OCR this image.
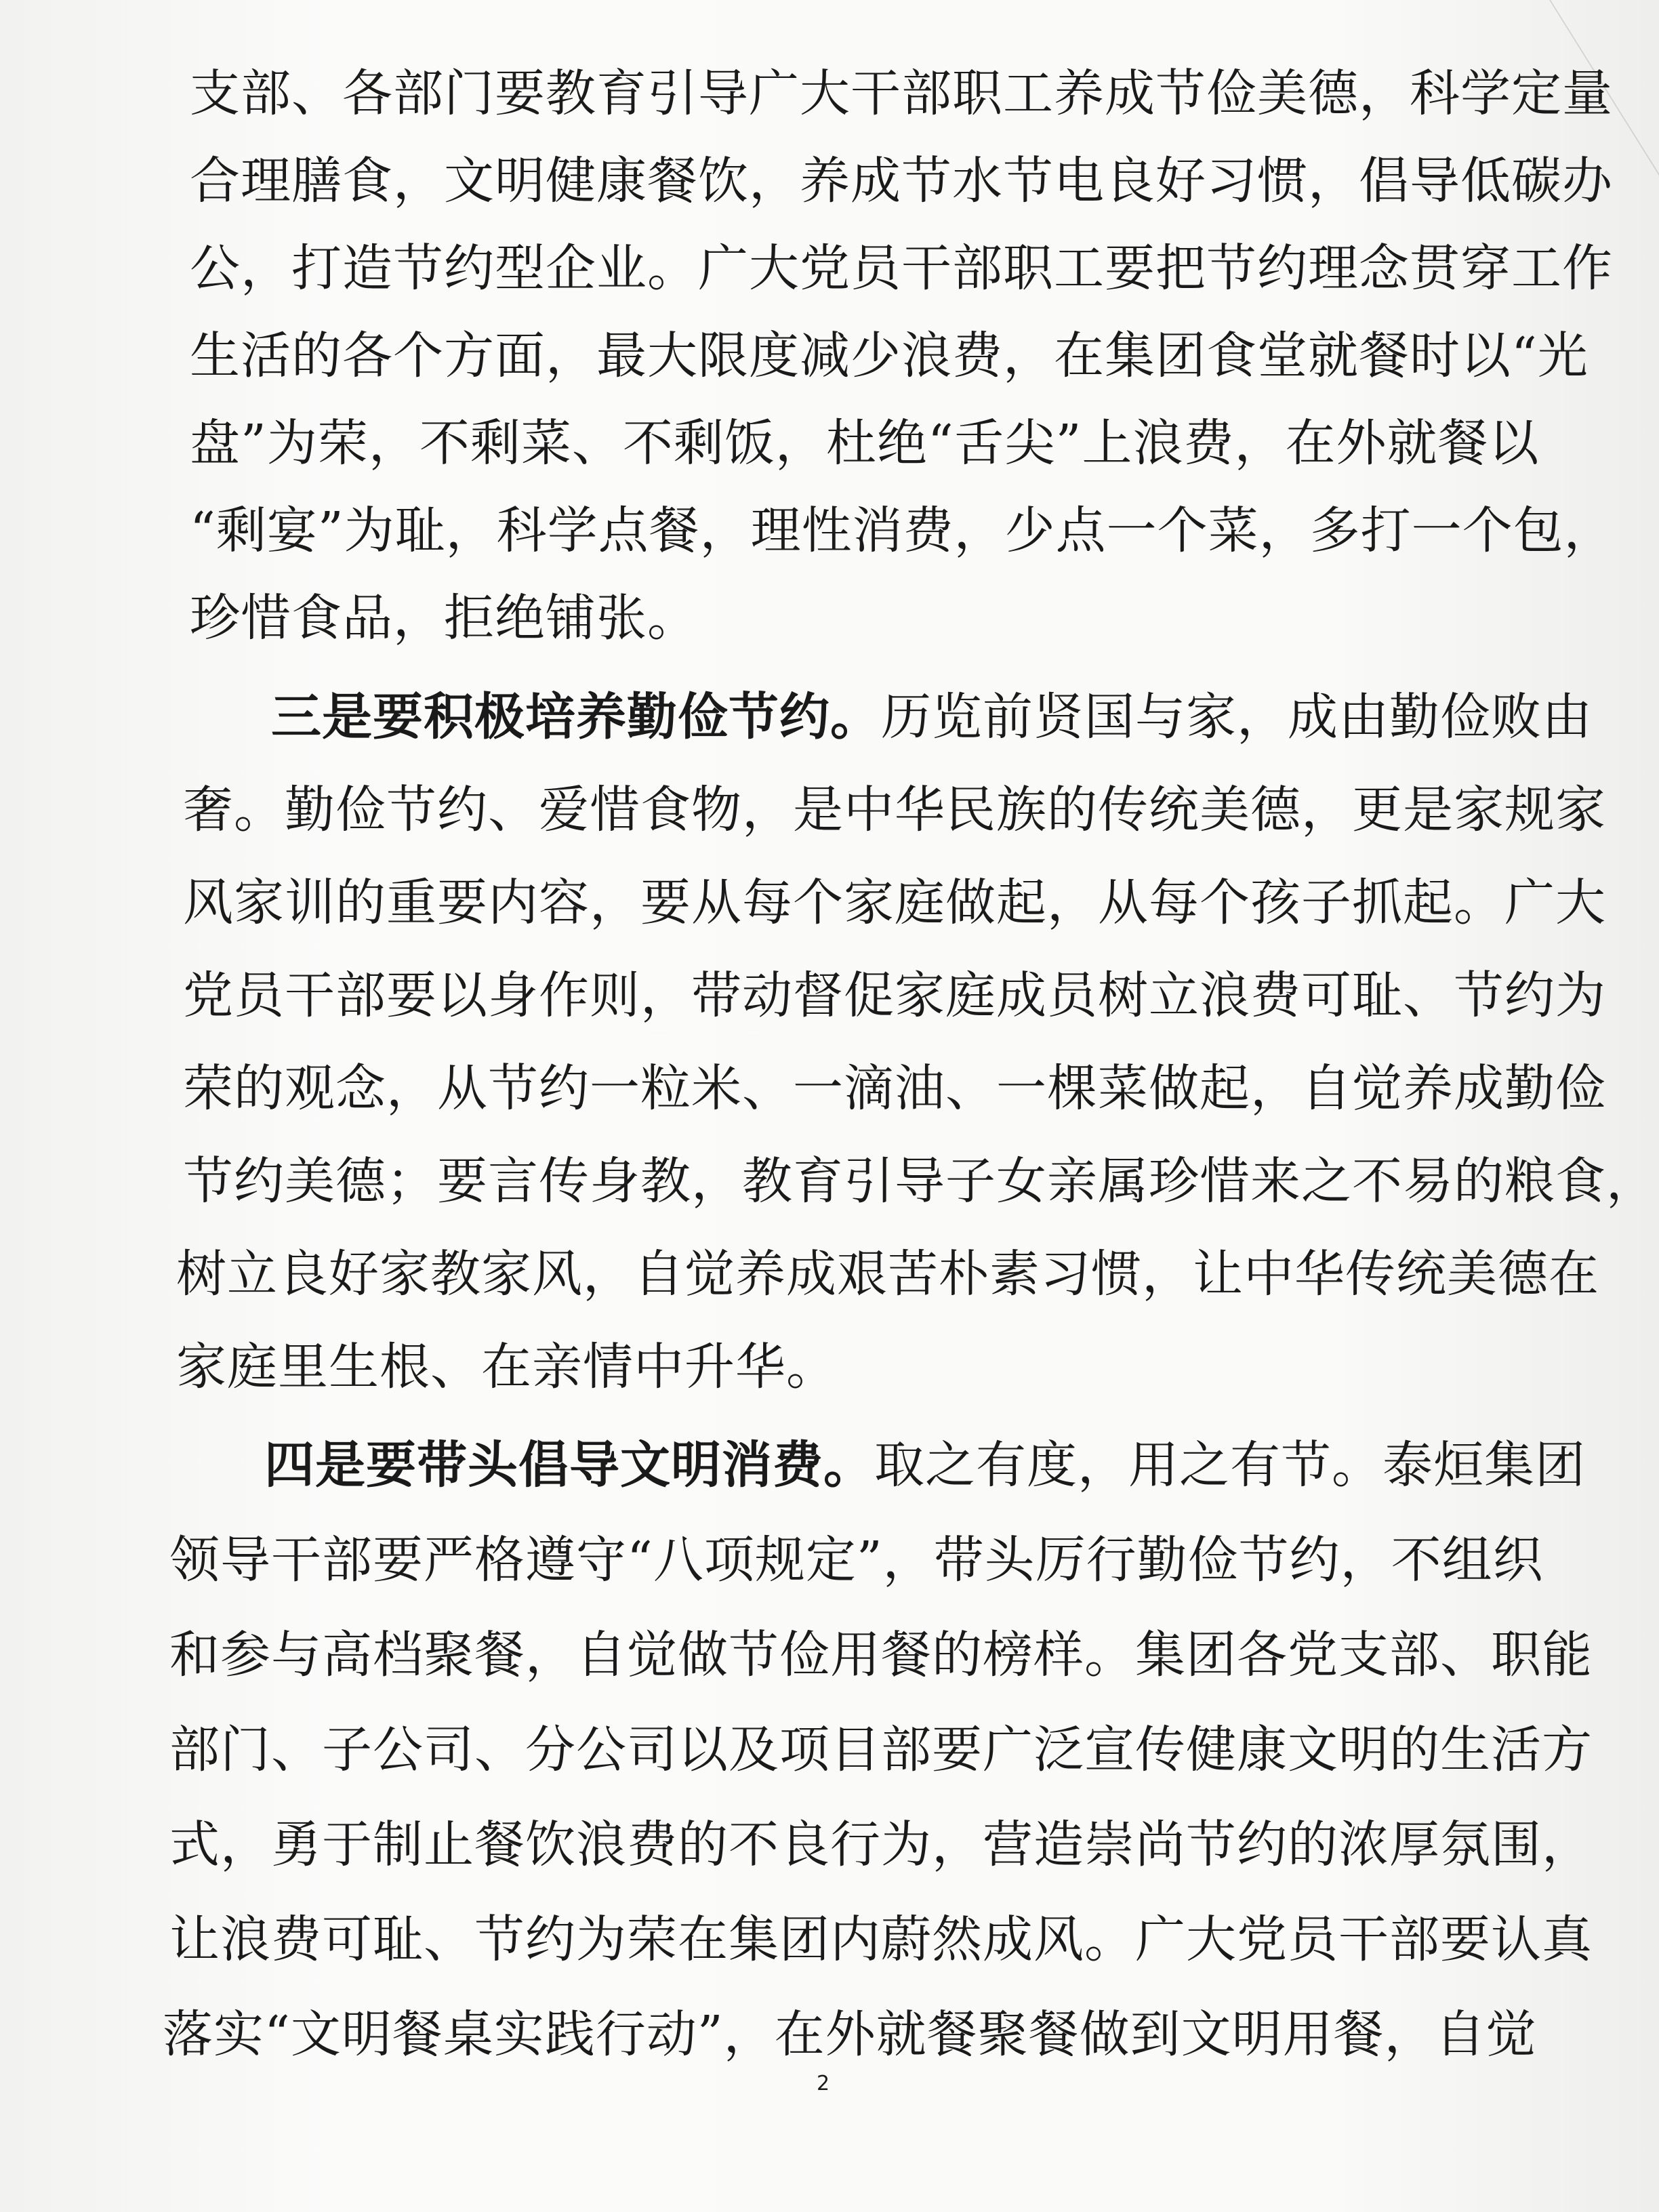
支部、各部门要教育引导广大干部职工养成节俭美德，科学定量
合理膳食，文明健康餐饮，养成节水节电良好习惯，倡导低碳办
公，打造节约型企业。广大党员干部职工要把节约理念贯穿工作
生活的各个方面，最大限度减少浪费，在集团食堂就餐时以“光
盘”为荣，不剩菜、不剩饭，杜绝“舌尖”上浪费，在外就餐以
“剩宴”为耻，科学点餐，理性消费，少点一个菜，多打一个包，
珍惜食品，拒绝铺张。
三是要积极培养勤俭节约。历览前贤国与家，成由勤俭败由
奢。勤俭节约、爱惜食物，是中华民族的传统美德，更是家规家
风家训的重要内容，要从每个家庭做起，从每个孩子抓起。广大
党员干部要以身作则，带动督促家庭成员树立浪费可耻、节约为
荣的观念，从节约一粒米、一滴油、一棵菜做起，自觉养成勤俭
节约美德；要言传身教，教育引导子女亲属珍惜来之不易的粮食，
树立良好家教家风，自觉养成艰苦朴素习惯，让中华传统美德在
家庭里生根、在亲情中升华。
四是要带头倡导文明消费。取之有度，用之有节。泰烜集团
领导干部要严格遵守“八项规定”，带头厉行勤俭节约，不组织
和参与高档聚餐，自觉做节俭用餐的榜样。集团各党支部、职能
部门、子公司、分公司以及项目部要广泛宣传健康文明的生活方
式，勇于制止餐饮浪费的不良行为，营造崇尚节约的浓厚氛围，
让浪费可耻、节约为荣在集团内蔚然成风。广大党员干部要认真
落实“文明餐桌实践行动”，在外就餐聚餐做到文明用餐，自觉
2
